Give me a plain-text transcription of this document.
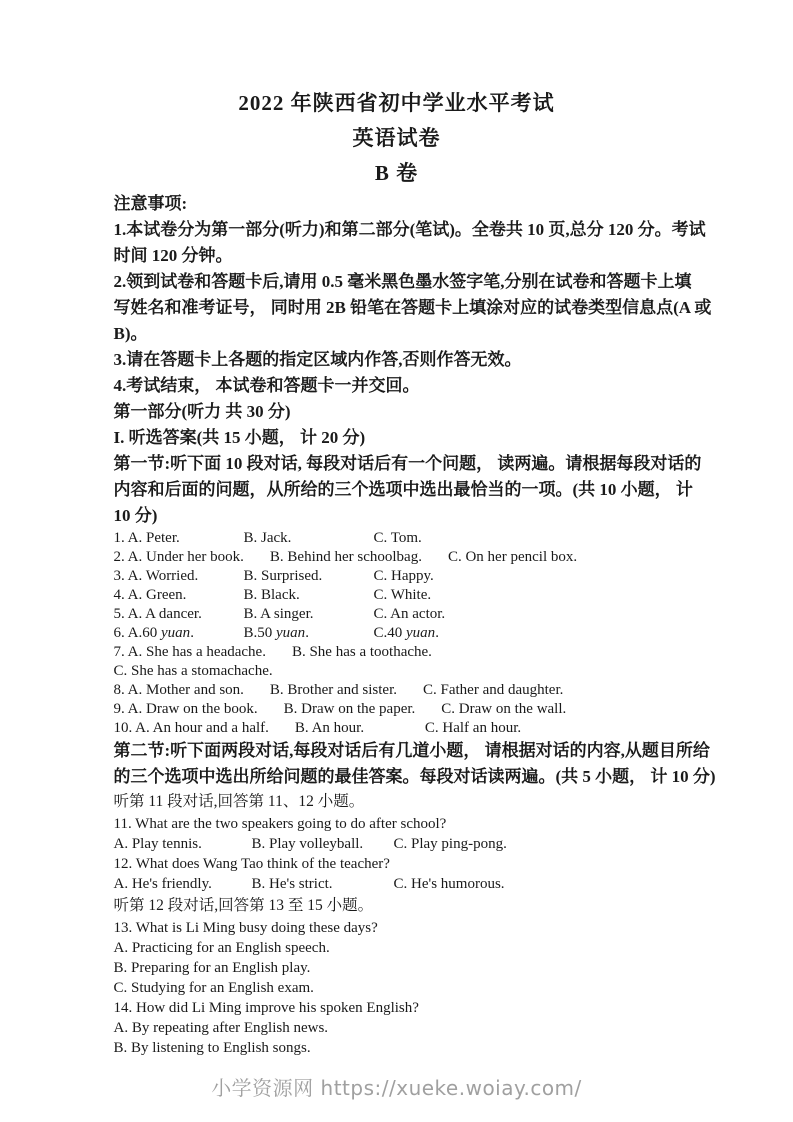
2022 年陕西省初中学业水平考试
英语试卷
B 卷
注意事项:
1.本试卷分为第一部分(听力)和第二部分(笔试)。全卷共 10 页,总分 120 分。考试
时间 120 分钟。
2.领到试卷和答题卡后,请用 0.5 毫米黑色墨水签字笔,分别在试卷和答题卡上填
写姓名和准考证号， 同时用 2B 铅笔在答题卡上填涂对应的试卷类型信息点(A 或
B)。
3.请在答题卡上各题的指定区域内作答,否则作答无效。
4.考试结束， 本试卷和答题卡一并交回。
第一部分(听力 共 30 分)
I. 听选答案(共 15 小题， 计 20 分)
第一节:听下面 10 段对话, 每段对话后有一个问题， 读两遍。请根据每段对话的
内容和后面的问题，从所给的三个选项中选出最恰当的一项。(共 10 小题， 计
10 分)
1. A. Peter.	B. Jack.	C. Tom.
2. A. Under her book. B. Behind her schoolbag. C. On her pencil box.
3. A. Worried.	B. Surprised.	C. Happy.
4. A. Green.	B. Black.	C. White.
5. A. A dancer.	B. A singer.	C. An actor.
6. A.60 yuan.	B.50 yuan.	C.40 yuan.
7. A. She has a headache. B. She has a toothache.
C. She has a stomachache.
8. A. Mother and son. B. Brother and sister. C. Father and daughter.
9. A. Draw on the book. B. Draw on the paper. C. Draw on the wall.
10. A. An hour and a half. B. An hour.	C. Half an hour.
第二节:听下面两段对话,每段对话后有几道小题， 请根据对话的内容,从题目所给
的三个选项中选出所给问题的最佳答案。每段对话读两遍。(共 5 小题， 计 10 分)
听第 11 段对话,回答第 11、12 小题。
11. What are the two speakers going to do after school?
A. Play tennis.	B. Play volleyball. C. Play ping-pong.
12. What does Wang Tao think of the teacher?
A. He's friendly.	B. He's strict.	C. He's humorous.
听第 12 段对话,回答第 13 至 15 小题。
13. What is Li Ming busy doing these days?
A. Practicing for an English speech.
B. Preparing for an English play.
C. Studying for an English exam.
14. How did Li Ming improve his spoken English?
A. By repeating after English news.
B. By listening to English songs.
小学资源网 https://xueke.woiay.com/
